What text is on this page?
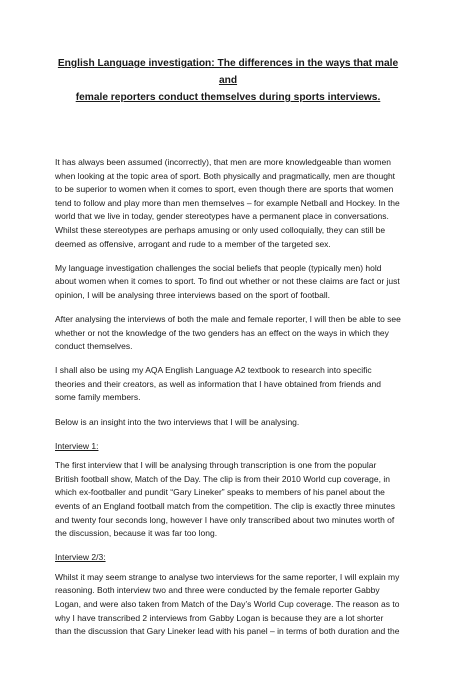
English Language investigation: The differences in the ways that male and
female reporters conduct themselves during sports interviews.

It has always been assumed (incorrectly), that men are more knowledgeable than women when looking at the topic area of sport. Both physically and pragmatically, men are thought to be superior to women when it comes to sport, even though there are sports that women tend to follow and play more than men themselves – for example Netball and Hockey. In the world that we live in today, gender stereotypes have a permanent place in conversations. Whilst these stereotypes are perhaps amusing or only used colloquially, they can still be deemed as offensive, arrogant and rude to a member of the targeted sex.

My language investigation challenges the social beliefs that people (typically men) hold about women when it comes to sport. To find out whether or not these claims are fact or just opinion, I will be analysing three interviews based on the sport of football.

After analysing the interviews of both the male and female reporter, I will then be able to see whether or not the knowledge of the two genders has an effect on the ways in which they conduct themselves.

I shall also be using my AQA English Language A2 textbook to research into specific theories and their creators, as well as information that I have obtained from friends and some family members.

Below is an insight into the two interviews that I will be analysing.

Interview 1:

The first interview that I will be analysing through transcription is one from the popular British football show, Match of the Day. The clip is from their 2010 World cup coverage, in which ex-footballer and pundit “Gary Lineker” speaks to members of his panel about the events of an England football match from the competition. The clip is exactly three minutes and twenty four seconds long, however I have only transcribed about two minutes worth of the discussion, because it was far too long.

Interview 2/3:

Whilst it may seem strange to analyse two interviews for the same reporter, I will explain my reasoning. Both interview two and three were conducted by the female reporter Gabby Logan, and were also taken from Match of the Day’s World Cup coverage. The reason as to why I have transcribed 2 interviews from Gabby Logan is because they are a lot shorter than the discussion that Gary Lineker lead with his panel – in terms of both duration and the
